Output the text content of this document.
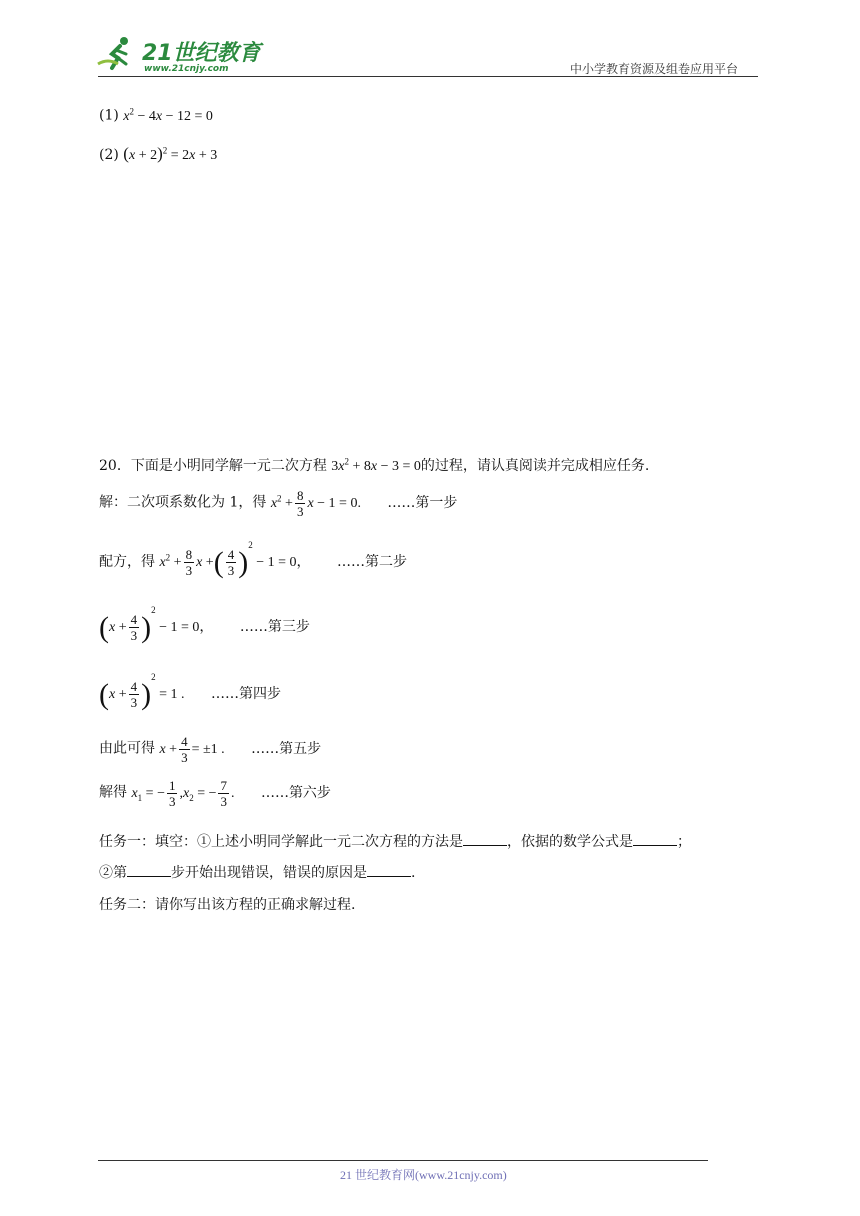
21世纪教育
www.21cnjy.com	中小学教育资源及组卷应用平台
(1) $x^2 - 4x - 12 = 0$
(2) $(x + 2)^2 = 2x + 3$
20．下面是小明同学解一元二次方程 $3x^2 + 8x - 3 = 0$的过程，请认真阅读并完成相应任务.
解：二次项系数化为 1，得 $x^2 + \frac{8}{3}$ x − 1 = 0. ……第一步
配方，得 $x^2 + \frac{8}{3}$ x +( $\frac{4}{3} )^2 - 1 = 0$， ……第二步
$(x + \frac{4}{3} )^2 - 1 = 0$， ……第三步
$(x + \frac{4}{3} )^2 = 1$ . ……第四步
由此可得 $x + \frac{4}{3} = \pm 1$ . ……第五步
解得 $x_1$ = − $\frac{1}{3} ,x_2$ = − $\frac{7}{3}$ . ……第六步
任务一：填空：①上述小明同学解此一元二次方程的方法是	，依据的数学公式是	；
②第	步开始出现错误，错误的原因是	.
任务二：请你写出该方程的正确求解过程.
21 世纪教育网(www.21cnjy.com)
